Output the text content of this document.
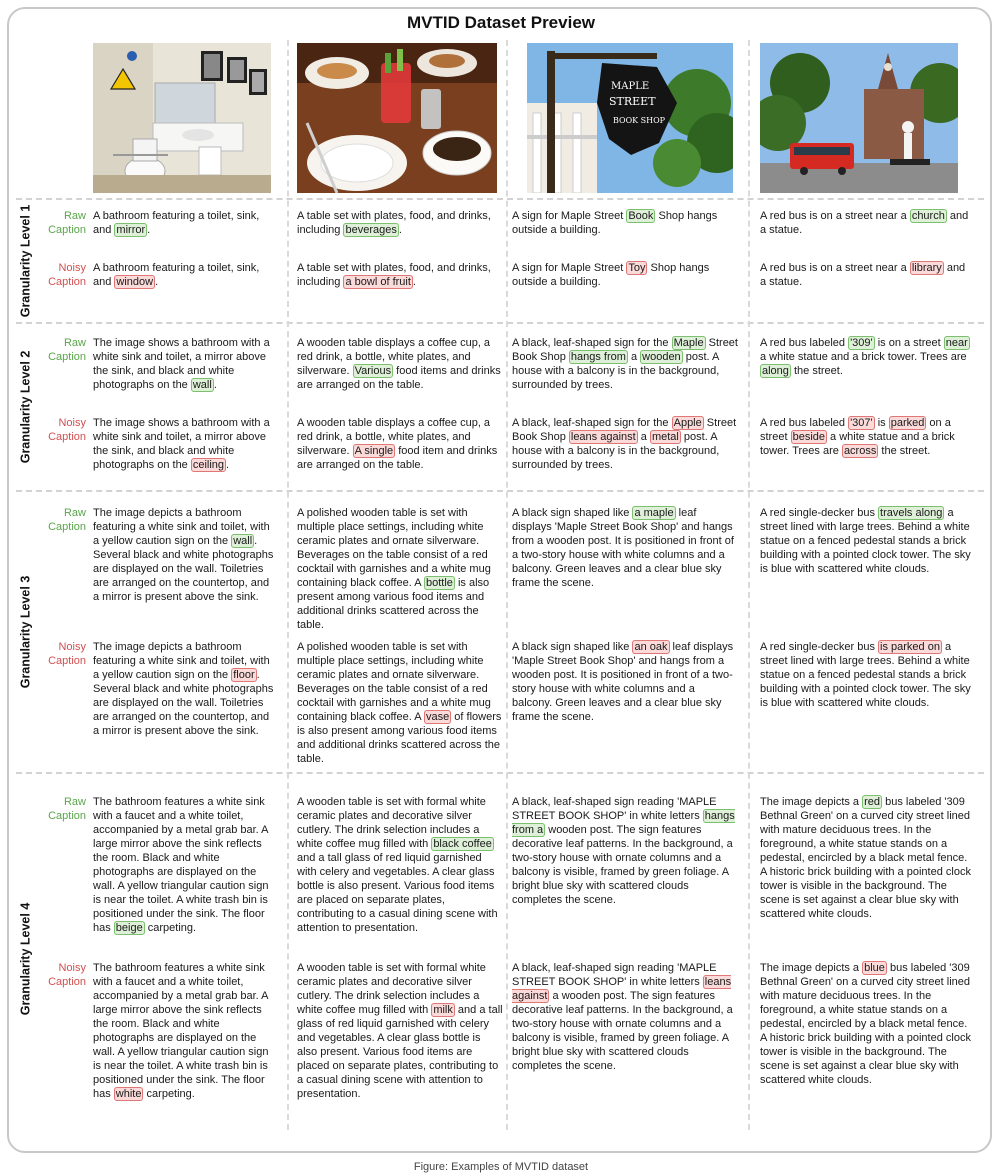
MVTID Dataset Preview
MAPLE
STREET
BOOK SHOP
Granularity Level 1
Granularity Level 2
Granularity Level 3
Granularity Level 4
Raw
Caption
Noisy
Caption
Raw
Caption
Noisy
Caption
Raw
Caption
Noisy
Caption
Raw
Caption
Noisy
Caption
A bathroom featuring a toilet, sink, and mirror .
A table set with plates, food, and drinks, including beverages .
A sign for Maple Street Book Shop hangs outside a building.
A red bus is on a street near a church and a statue.
A bathroom featuring a toilet, sink, and window .
A table set with plates, food, and drinks, including a bowl of fruit .
A sign for Maple Street Toy Shop hangs outside a building.
A red bus is on a street near a library and a statue.
The image shows a bathroom with a white sink and toilet, a mirror above the sink, and black and white photographs on the wall .
A wooden table displays a coffee cup, a red drink, a bottle, white plates, and silverware. Various food items and drinks are arranged on the table.
A black, leaf-shaped sign for the Maple Street Book Shop hangs from a wooden post. A house with a balcony is in the background, surrounded by trees.
A red bus labeled '309' is on a street near a white statue and a brick tower. Trees are along the street.
The image shows a bathroom with a white sink and toilet, a mirror above the sink, and black and white photographs on the ceiling .
A wooden table displays a coffee cup, a red drink, a bottle, white plates, and silverware. A single food item and drinks are arranged on the table.
A black, leaf-shaped sign for the Apple Street Book Shop leans against a metal post. A house with a balcony is in the background, surrounded by trees.
A red bus labeled '307' is parked on a street beside a white statue and a brick tower. Trees are across the street.
The image depicts a bathroom featuring a white sink and toilet, with a yellow caution sign on the wall . Several black and white photographs are displayed on the wall. Toiletries are arranged on the countertop, and a mirror is present above the sink.
A polished wooden table is set with multiple place settings, including white ceramic plates and ornate silverware. Beverages on the table consist of a red cocktail with garnishes and a white mug containing black coffee. A bottle is also present among various food items and additional drinks scattered across the table.
A black sign shaped like a maple leaf displays 'Maple Street Book Shop' and hangs from a wooden post. It is positioned in front of a two-story house with white columns and a balcony. Green leaves and a clear blue sky frame the scene.
A red single-decker bus travels along a street lined with large trees. Behind a white statue on a fenced pedestal stands a brick building with a pointed clock tower. The sky is blue with scattered white clouds.
The image depicts a bathroom featuring a white sink and toilet, with a yellow caution sign on the floor . Several black and white photographs are displayed on the wall. Toiletries are arranged on the countertop, and a mirror is present above the sink.
A polished wooden table is set with multiple place settings, including white ceramic plates and ornate silverware. Beverages on the table consist of a red cocktail with garnishes and a white mug containing black coffee. A vase of flowers is also present among various food items and additional drinks scattered across the table.
A black sign shaped like an oak leaf displays 'Maple Street Book Shop' and hangs from a wooden post. It is positioned in front of a two-story house with white columns and a balcony. Green leaves and a clear blue sky frame the scene.
A red single-decker bus is parked on a street lined with large trees. Behind a white statue on a fenced pedestal stands a brick building with a pointed clock tower. The sky is blue with scattered white clouds.
The bathroom features a white sink with a faucet and a white toilet, accompanied by a metal grab bar. A large mirror above the sink reflects the room. Black and white photographs are displayed on the wall. A yellow triangular caution sign is near the toilet. A white trash bin is positioned under the sink. The floor has beige carpeting.
A wooden table is set with formal white ceramic plates and decorative silver cutlery. The drink selection includes a white coffee mug filled with black coffee and a tall glass of red liquid garnished with celery and vegetables. A clear glass bottle is also present. Various food items are placed on separate plates, contributing to a casual dining scene with attention to presentation.
A black, leaf-shaped sign reading 'MAPLE STREET BOOK SHOP' in white letters hangs from a wooden post. The sign features decorative leaf patterns. In the background, a two-story house with ornate columns and a balcony is visible, framed by green foliage. A bright blue sky with scattered clouds completes the scene.
The image depicts a red bus labeled '309 Bethnal Green' on a curved city street lined with mature deciduous trees. In the foreground, a white statue stands on a pedestal, encircled by a black metal fence. A historic brick building with a pointed clock tower is visible in the background. The scene is set against a clear blue sky with scattered white clouds.
The bathroom features a white sink with a faucet and a white toilet, accompanied by a metal grab bar. A large mirror above the sink reflects the room. Black and white photographs are displayed on the wall. A yellow triangular caution sign is near the toilet. A white trash bin is positioned under the sink. The floor has white carpeting.
A wooden table is set with formal white ceramic plates and decorative silver cutlery. The drink selection includes a white coffee mug filled with milk and a tall glass of red liquid garnished with celery and vegetables. A clear glass bottle is also present. Various food items are placed on separate plates, contributing to a casual dining scene with attention to presentation.
A black, leaf-shaped sign reading 'MAPLE STREET BOOK SHOP' in white letters leans against a wooden post. The sign features decorative leaf patterns. In the background, a two-story house with ornate columns and a balcony is visible, framed by green foliage. A bright blue sky with scattered clouds completes the scene.
The image depicts a blue bus labeled '309 Bethnal Green' on a curved city street lined with mature deciduous trees. In the foreground, a white statue stands on a pedestal, encircled by a black metal fence. A historic brick building with a pointed clock tower is visible in the background. The scene is set against a clear blue sky with scattered white clouds.
Figure: Examples of MVTID dataset
